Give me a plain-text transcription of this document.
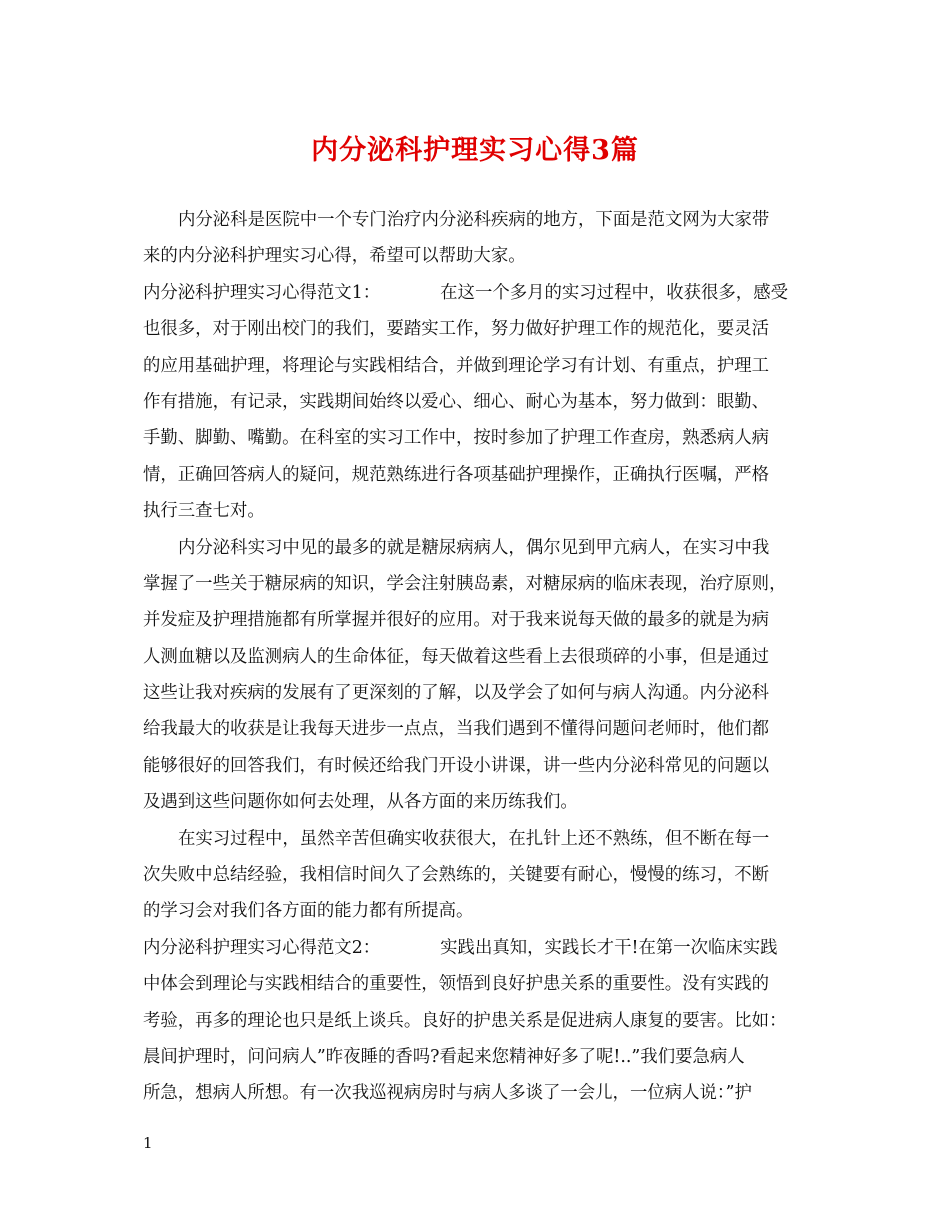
内分泌科护理实习心得3篇
内分泌科是医院中一个专门治疗内分泌科疾病的地方，下面是范文网为大家带
来的内分泌科护理实习心得，希望可以帮助大家。
内分泌科护理实习心得范文1：	在这一个多月的实习过程中，收获很多，感受
也很多，对于刚出校门的我们，要踏实工作，努力做好护理工作的规范化，要灵活
的应用基础护理，将理论与实践相结合，并做到理论学习有计划、有重点，护理工
作有措施，有记录，实践期间始终以爱心、细心、耐心为基本，努力做到：眼勤、
手勤、脚勤、嘴勤。在科室的实习工作中，按时参加了护理工作查房，熟悉病人病
情，正确回答病人的疑问，规范熟练进行各项基础护理操作，正确执行医嘱，严格
执行三查七对。
内分泌科实习中见的最多的就是糖尿病病人，偶尔见到甲亢病人，在实习中我
掌握了一些关于糖尿病的知识，学会注射胰岛素，对糖尿病的临床表现，治疗原则，
并发症及护理措施都有所掌握并很好的应用。对于我来说每天做的最多的就是为病
人测血糖以及监测病人的生命体征，每天做着这些看上去很琐碎的小事，但是通过
这些让我对疾病的发展有了更深刻的了解，以及学会了如何与病人沟通。内分泌科
给我最大的收获是让我每天进步一点点，当我们遇到不懂得问题问老师时，他们都
能够很好的回答我们，有时候还给我门开设小讲课，讲一些内分泌科常见的问题以
及遇到这些问题你如何去处理，从各方面的来历练我们。
在实习过程中，虽然辛苦但确实收获很大，在扎针上还不熟练，但不断在每一
次失败中总结经验，我相信时间久了会熟练的，关键要有耐心，慢慢的练习，不断
的学习会对我们各方面的能力都有所提高。
内分泌科护理实习心得范文2：	实践出真知，实践长才干!在第一次临床实践
中体会到理论与实践相结合的重要性，领悟到良好护患关系的重要性。没有实践的
考验，再多的理论也只是纸上谈兵。良好的护患关系是促进病人康复的要害。比如：
晨间护理时，问问病人”昨夜睡的香吗?看起来您精神好多了呢!..”我们要急病人
所急，想病人所想。有一次我巡视病房时与病人多谈了一会儿，一位病人说：”护
1
